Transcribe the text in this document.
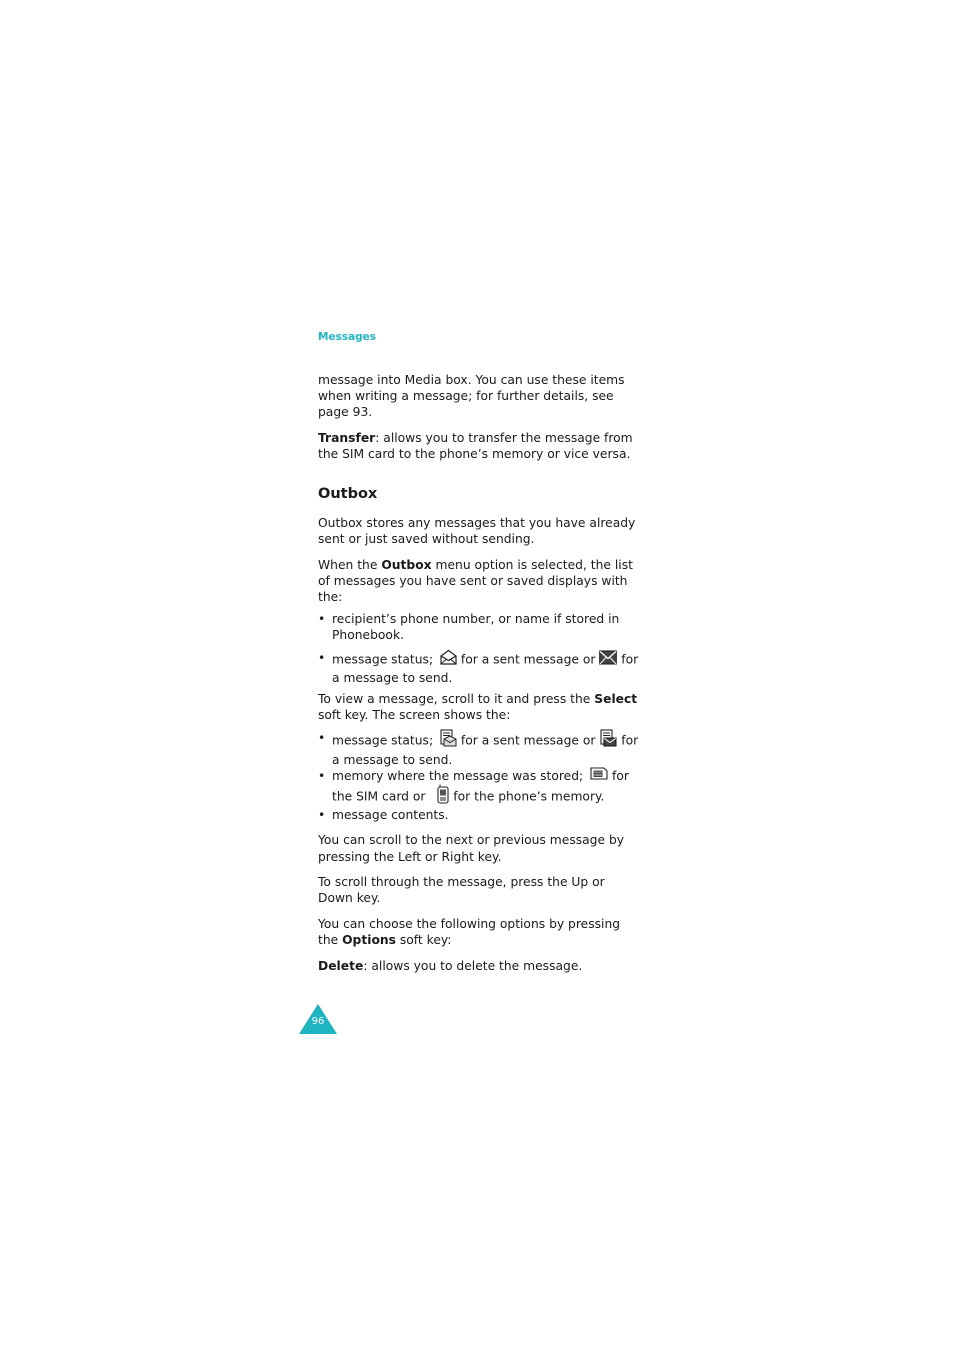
Messages

message into Media box. You can use these items when writing a message; for further details, see page 93.

Transfer: allows you to transfer the message from the SIM card to the phone’s memory or vice versa.

Outbox

Outbox stores any messages that you have already sent or just saved without sending.

When the Outbox menu option is selected, the list of messages you have sent or saved displays with the:

• recipient’s phone number, or name if stored in Phonebook.

• message status;  for a sent message or  for a message to send.

To view a message, scroll to it and press the Select soft key. The screen shows the:

• message status;  for a sent message or  for a message to send.

• memory where the message was stored;  for the SIM card or  for the phone’s memory.

• message contents.

You can scroll to the next or previous message by pressing the Left or Right key.

To scroll through the message, press the Up or Down key.

You can choose the following options by pressing the Options soft key:

Delete: allows you to delete the message.

96
